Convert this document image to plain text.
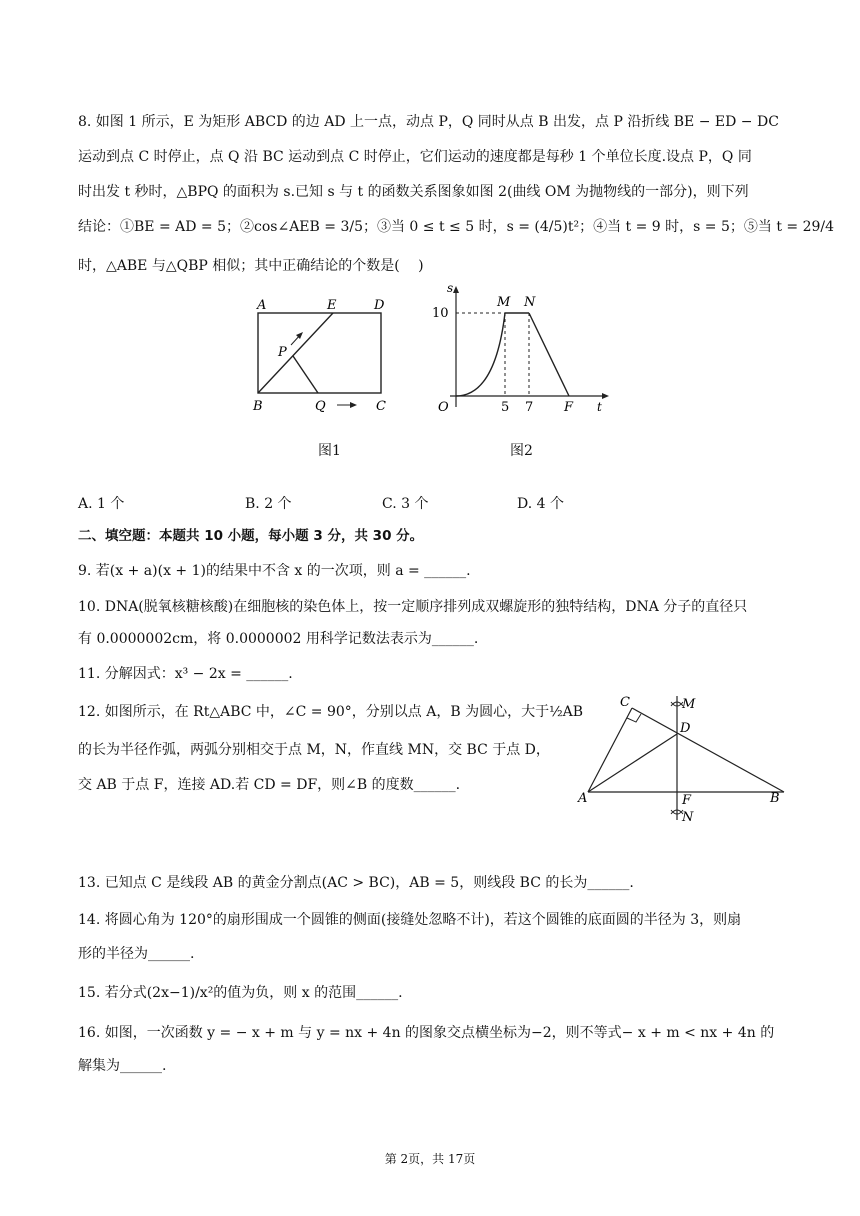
8. 如图 1 所示，E 为矩形 ABCD 的边 AD 上一点，动点 P，Q 同时从点 B 出发，点 P 沿折线 BE − ED − DC
运动到点 C 时停止，点 Q 沿 BC 运动到点 C 时停止，它们运动的速度都是每秒 1 个单位长度.设点 P，Q 同
时出发 t 秒时，△BPQ 的面积为 s.已知 s 与 t 的函数关系图象如图 2(曲线 OM 为抛物线的一部分)，则下列
结论：①BE = AD = 5；②cos∠AEB = 3/5；③当 0 ≤ t ≤ 5 时，s = (4/5)t²；④当 t = 9 时，s = 5；⑤当 t = 29/4
时，△ABE 与△QBP 相似；其中正确结论的个数是(　 )
A	E	D
P
B	Q	C
图1
s
M N
10
O	5 7 F t
图2
A. 1 个	B. 2 个	C. 3 个	D. 4 个
二、填空题：本题共 10 小题，每小题 3 分，共 30 分。
9. 若(x + a)(x + 1)的结果中不含 x 的一次项，则 a = ______.
10. DNA(脱氧核糖核酸)在细胞核的染色体上，按一定顺序排列成双螺旋形的独特结构，DNA 分子的直径只
有 0.0000002cm，将 0.0000002 用科学记数法表示为______.
11. 分解因式：x³ − 2x = ______.
12. 如图所示，在 Rt△ABC 中，∠C = 90°，分别以点 A，B 为圆心，大于½AB
的长为半径作弧，两弧分别相交于点 M，N，作直线 MN，交 BC 于点 D，
交 AB 于点 F，连接 AD.若 CD = DF，则∠B 的度数______.
C	M
D
A	F	B
N
13. 已知点 C 是线段 AB 的黄金分割点(AC > BC)，AB = 5，则线段 BC 的长为______.
14. 将圆心角为 120°的扇形围成一个圆锥的侧面(接缝处忽略不计)，若这个圆锥的底面圆的半径为 3，则扇
形的半径为______.
15. 若分式(2x−1)/x²的值为负，则 x 的范围______.
16. 如图，一次函数 y = − x + m 与 y = nx + 4n 的图象交点横坐标为−2，则不等式− x + m < nx + 4n 的
解集为______.
第 2页，共 17页
